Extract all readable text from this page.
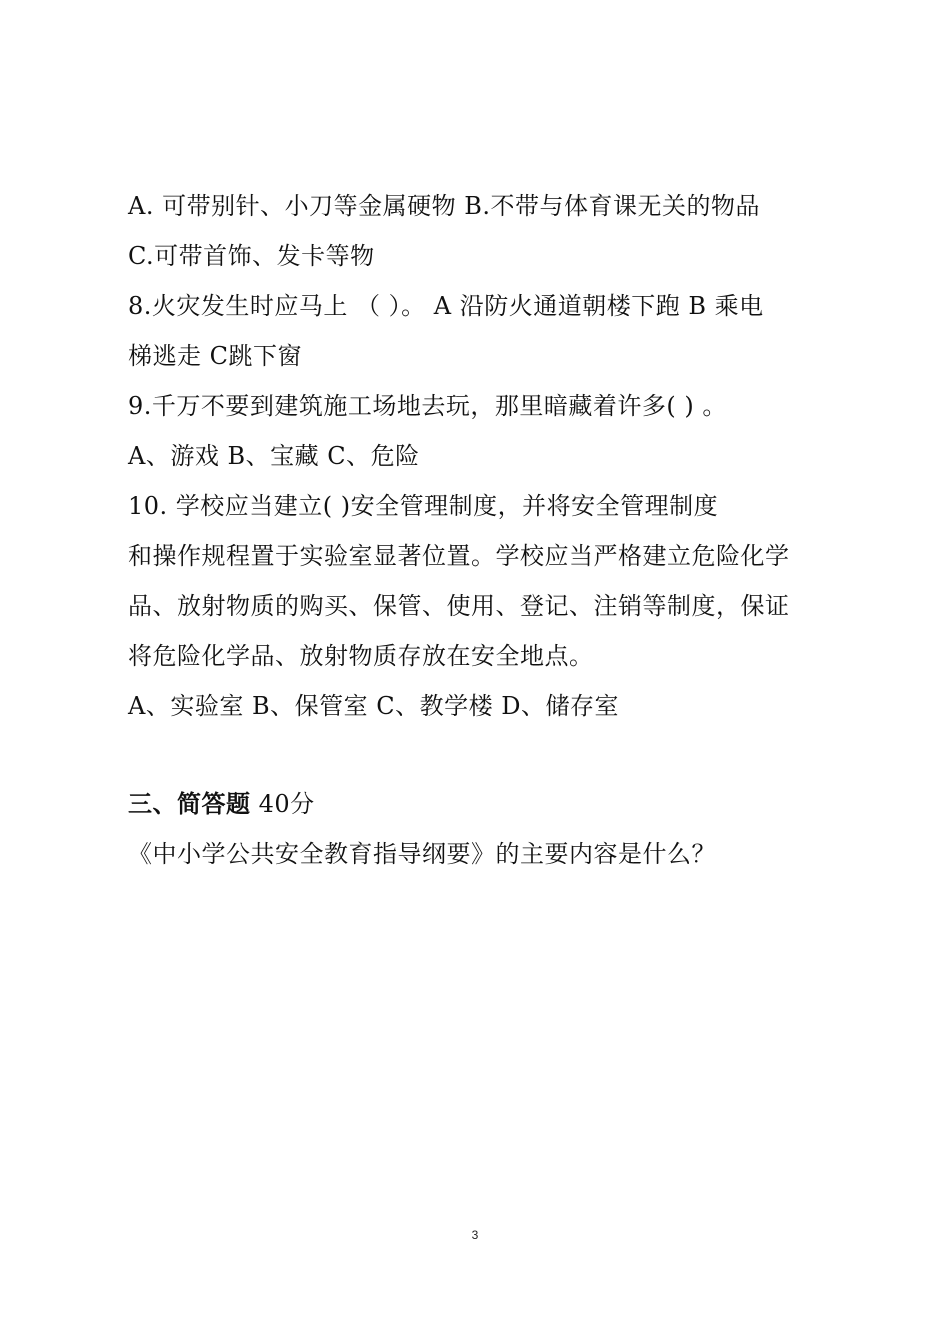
A. 可带别针、小刀等金属硬物 B.不带与体育课无关的物品
C.可带首饰、发卡等物
8.火灾发生时应马上 （ ）。 A 沿防火通道朝楼下跑 B 乘电
梯逃走 C跳下窗
9.千万不要到建筑施工场地去玩，那里暗藏着许多( ) 。
A、游戏 B、宝藏 C、危险
10. 学校应当建立( )安全管理制度，并将安全管理制度
和操作规程置于实验室显著位置。学校应当严格建立危险化学
品、放射物质的购买、保管、使用、登记、注销等制度，保证
将危险化学品、放射物质存放在安全地点。
A、实验室 B、保管室 C、教学楼 D、储存室
三、简答题 40分
《中小学公共安全教育指导纲要》的主要内容是什么？
3
